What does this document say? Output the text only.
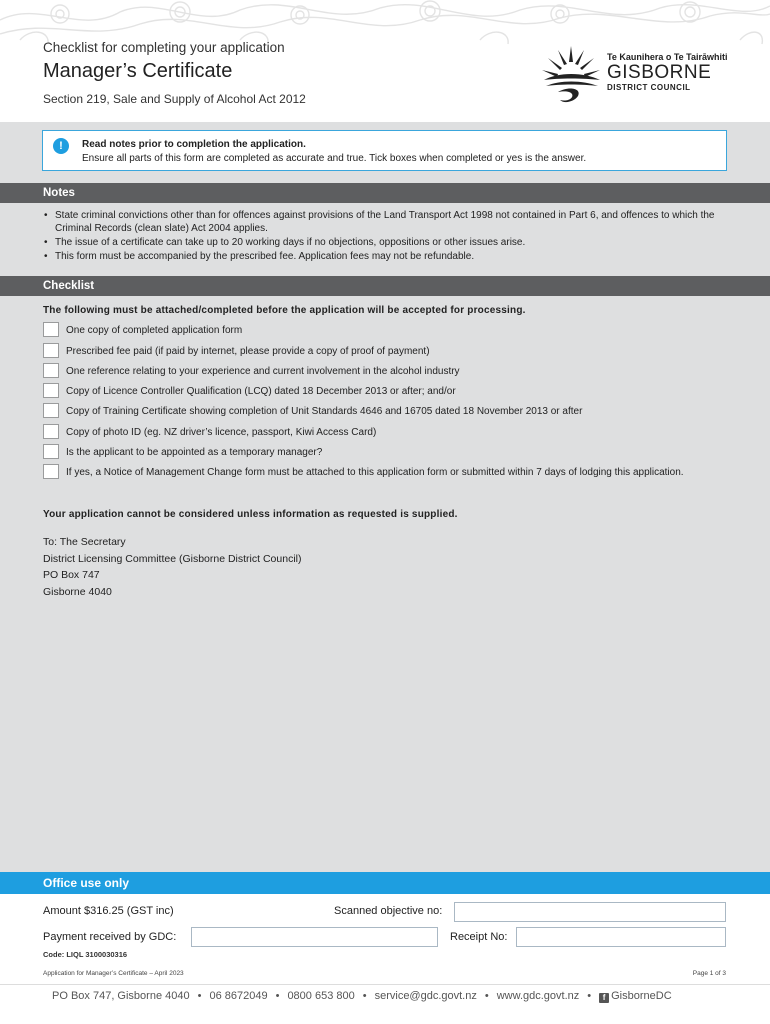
Checklist for completing your application
Manager’s Certificate
Section 219, Sale and Supply of Alcohol Act 2012
Te Kaunihera o Te Tairāwhiti
GISBORNE
DISTRICT COUNCIL
!	Read notes prior to completion the application.
Ensure all parts of this form are completed as accurate and true. Tick boxes when completed or yes is the answer.
Notes
• State criminal convictions other than for offences against provisions of the Land Transport Act 1998 not contained in Part 6, and offences to which the Criminal Records (clean slate) Act 2004 applies.
• The issue of a certificate can take up to 20 working days if no objections, oppositions or other issues arise.
• This form must be accompanied by the prescribed fee. Application fees may not be refundable.
Checklist
The following must be attached/completed before the application will be accepted for processing.
One copy of completed application form
Prescribed fee paid (if paid by internet, please provide a copy of proof of payment)
One reference relating to your experience and current involvement in the alcohol industry
Copy of Licence Controller Qualification (LCQ) dated 18 December 2013 or after; and/or
Copy of Training Certificate showing completion of Unit Standards 4646 and 16705 dated 18 November 2013 or after
Copy of photo ID (eg. NZ driver’s licence, passport, Kiwi Access Card)
Is the applicant to be appointed as a temporary manager?
If yes, a Notice of Management Change form must be attached to this application form or submitted within 7 days of lodging this application.
Your application cannot be considered unless information as requested is supplied.
To: The Secretary
District Licensing Committee (Gisborne District Council)
PO Box 747
Gisborne 4040
Office use only
Amount $316.25 (GST inc)	Scanned objective no:
Payment received by GDC:	Receipt No:
Code: LIQL 3100030316
Application for Manager’s Certificate – April 2023	Page 1 of 3
PO Box 747, Gisborne 4040 • 06 8672049 • 0800 653 800 • service@gdc.govt.nz • www.gdc.govt.nz • f GisborneDC
